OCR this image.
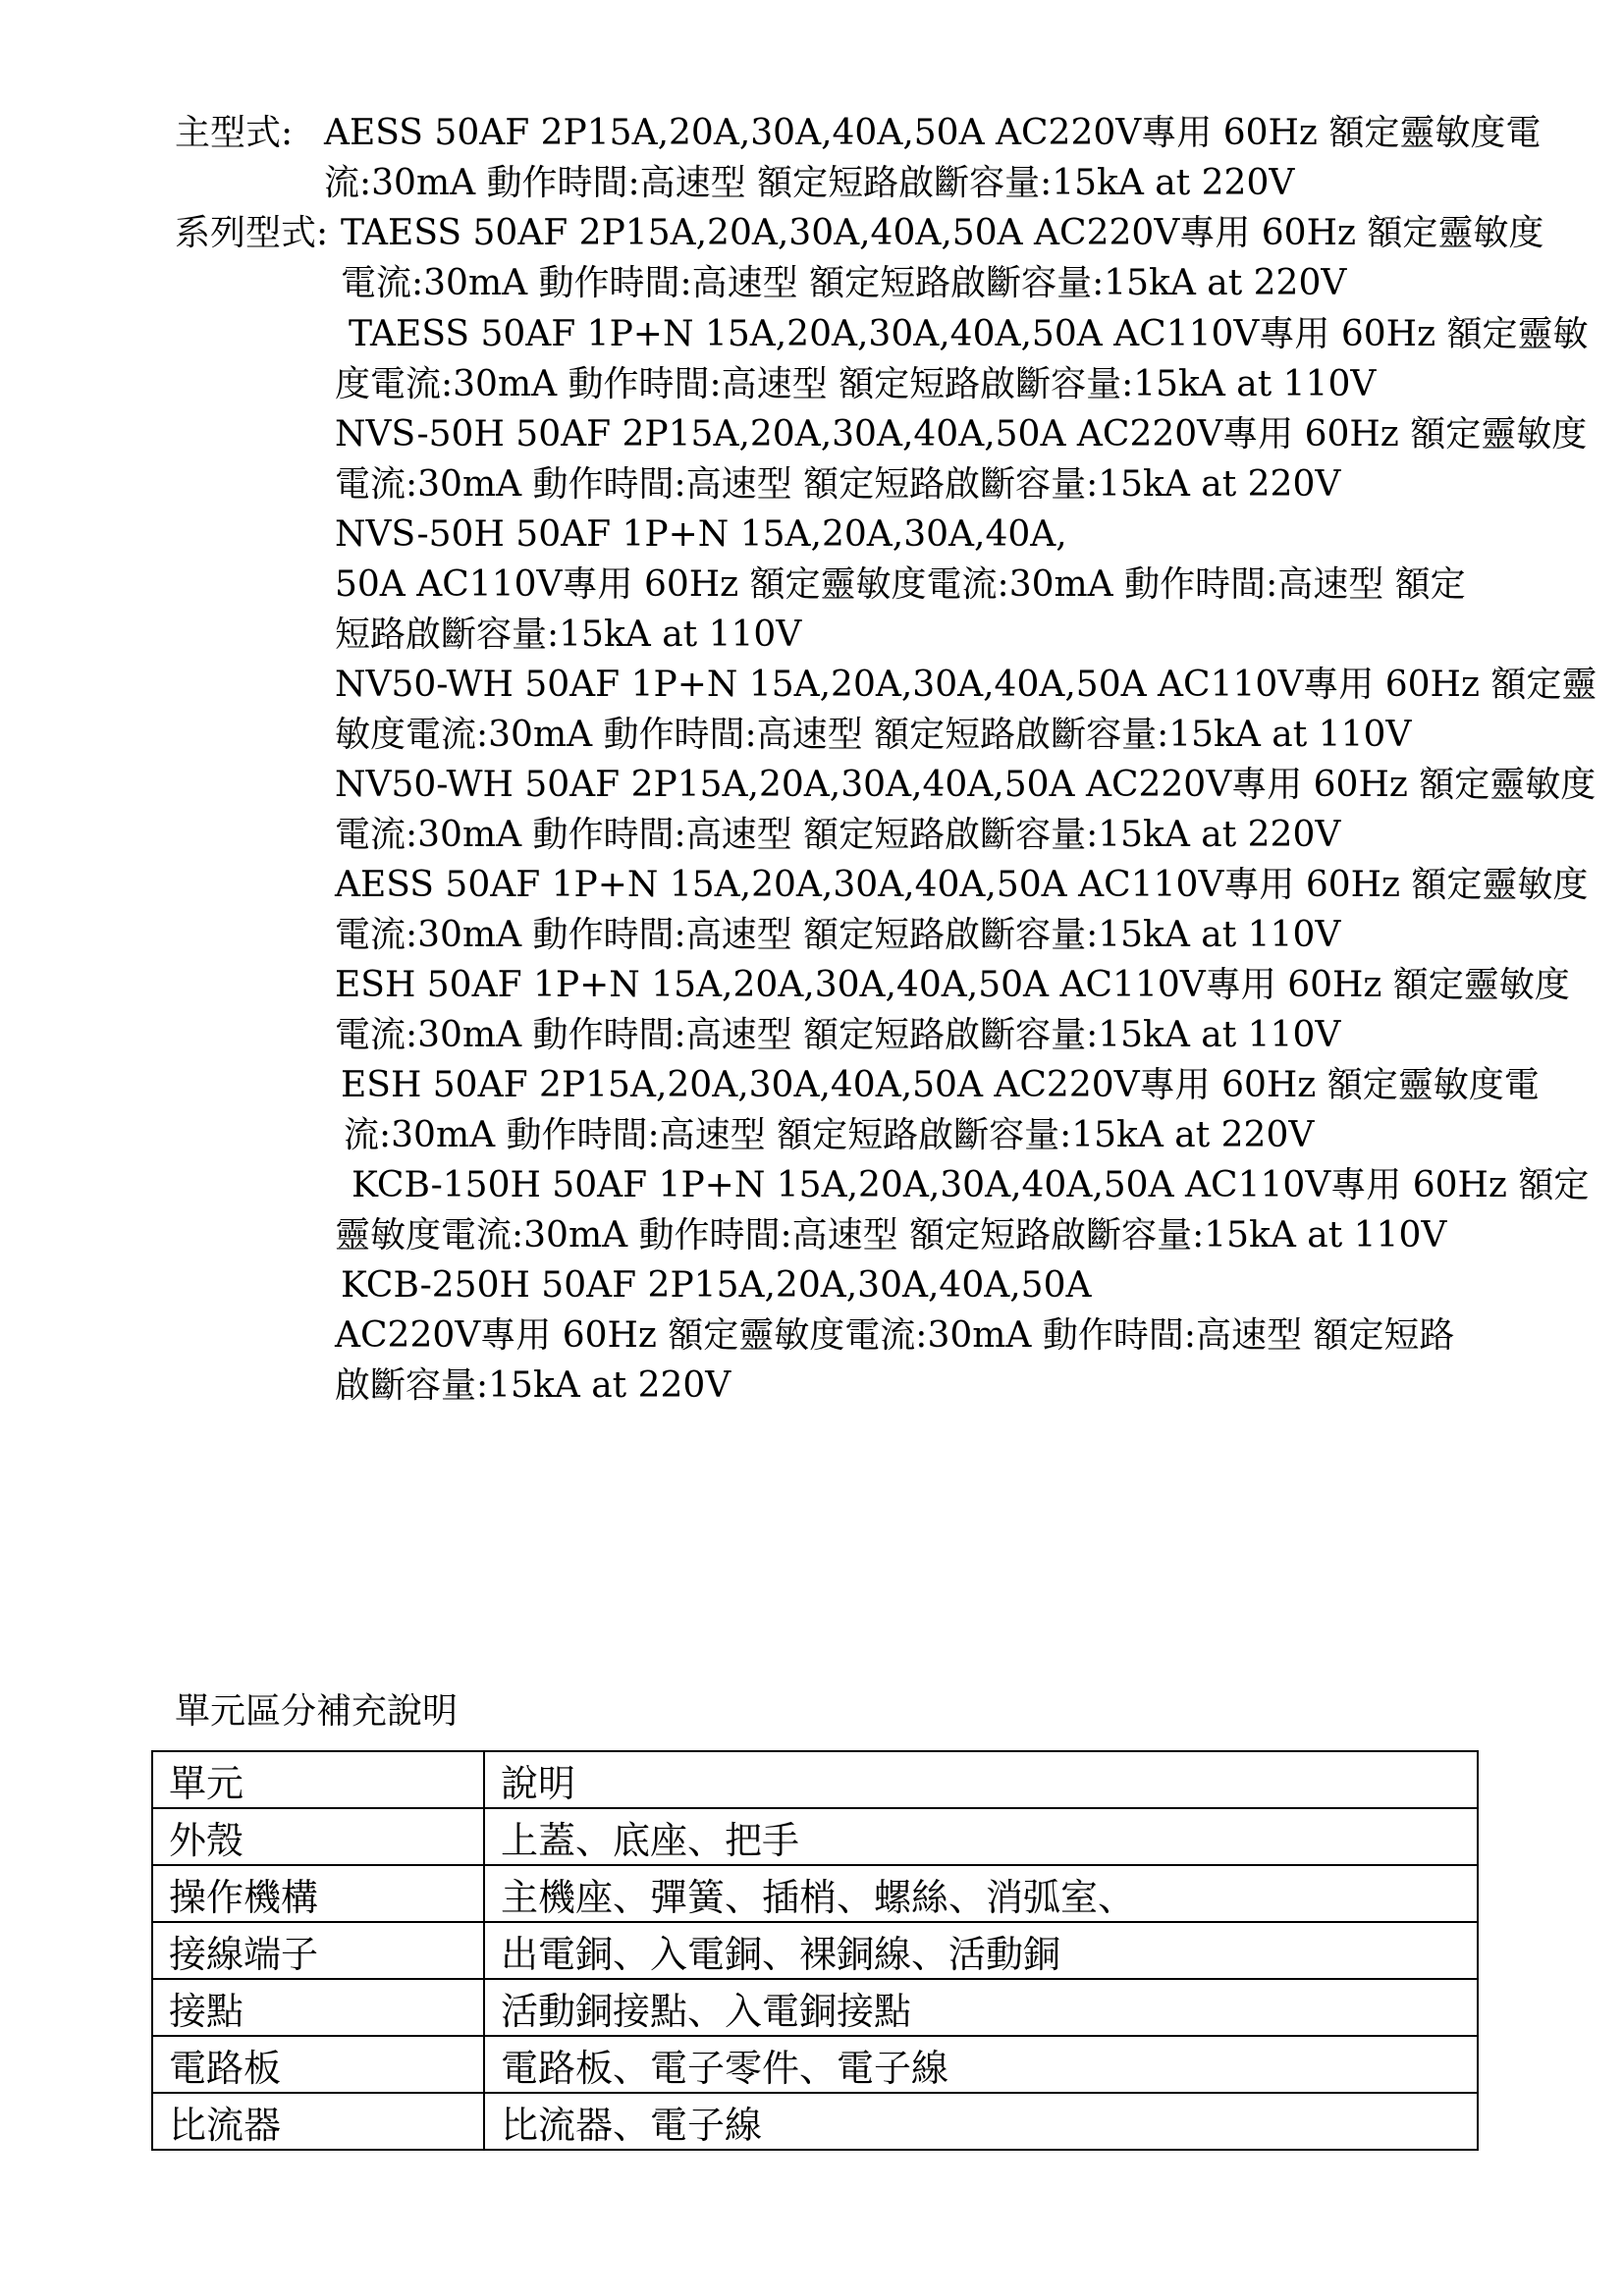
主型式: AESS 50AF 2P15A,20A,30A,40A,50A AC220V專用 60Hz 額定靈敏度電
流:30mA 動作時間:高速型 額定短路啟斷容量:15kA at 220V
系列型式: TAESS 50AF 2P15A,20A,30A,40A,50A AC220V專用 60Hz 額定靈敏度
電流:30mA 動作時間:高速型 額定短路啟斷容量:15kA at 220V
TAESS 50AF 1P+N 15A,20A,30A,40A,50A AC110V專用 60Hz 額定靈敏
度電流:30mA 動作時間:高速型 額定短路啟斷容量:15kA at 110V
NVS-50H 50AF 2P15A,20A,30A,40A,50A AC220V專用 60Hz 額定靈敏度
電流:30mA 動作時間:高速型 額定短路啟斷容量:15kA at 220V
NVS-50H 50AF 1P+N 15A,20A,30A,40A,
50A AC110V專用 60Hz 額定靈敏度電流:30mA 動作時間:高速型 額定
短路啟斷容量:15kA at 110V
NV50-WH 50AF 1P+N 15A,20A,30A,40A,50A AC110V專用 60Hz 額定靈
敏度電流:30mA 動作時間:高速型 額定短路啟斷容量:15kA at 110V
NV50-WH 50AF 2P15A,20A,30A,40A,50A AC220V專用 60Hz 額定靈敏度
電流:30mA 動作時間:高速型 額定短路啟斷容量:15kA at 220V
AESS 50AF 1P+N 15A,20A,30A,40A,50A AC110V專用 60Hz 額定靈敏度
電流:30mA 動作時間:高速型 額定短路啟斷容量:15kA at 110V
ESH 50AF 1P+N 15A,20A,30A,40A,50A AC110V專用 60Hz 額定靈敏度
電流:30mA 動作時間:高速型 額定短路啟斷容量:15kA at 110V
ESH 50AF 2P15A,20A,30A,40A,50A AC220V專用 60Hz 額定靈敏度電
流:30mA 動作時間:高速型 額定短路啟斷容量:15kA at 220V
KCB-150H 50AF 1P+N 15A,20A,30A,40A,50A AC110V專用 60Hz 額定
靈敏度電流:30mA 動作時間:高速型 額定短路啟斷容量:15kA at 110V
KCB-250H 50AF 2P15A,20A,30A,40A,50A
AC220V專用 60Hz 額定靈敏度電流:30mA 動作時間:高速型 額定短路
啟斷容量:15kA at 220V
單元區分補充說明
單元	說明
外殼	上蓋、底座、把手
操作機構	主機座、彈簧、插梢、螺絲、消弧室、
接線端子	出電銅、入電銅、裸銅線、活動銅
接點	活動銅接點、入電銅接點
電路板	電路板、電子零件、電子線
比流器	比流器、電子線
